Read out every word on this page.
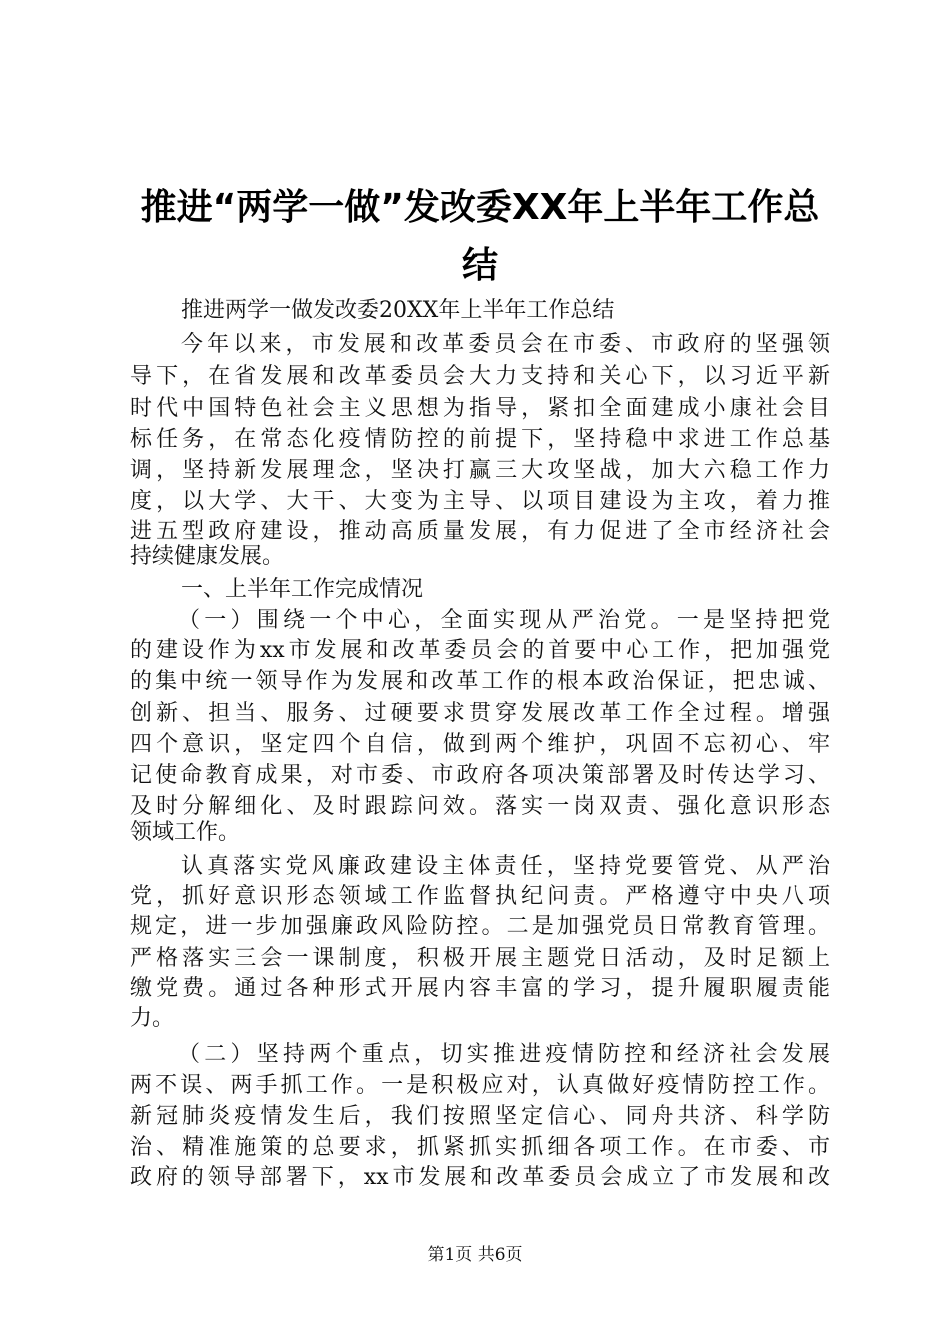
推进“两学一做”发改委XX年上半年工作总
结
推进两学一做发改委20XX年上半年工作总结
今年以来，市发展和改革委员会在市委、市政府的坚强领
导下，在省发展和改革委员会大力支持和关心下，以习近平新
时代中国特色社会主义思想为指导，紧扣全面建成小康社会目
标任务，在常态化疫情防控的前提下，坚持稳中求进工作总基
调，坚持新发展理念，坚决打赢三大攻坚战，加大六稳工作力
度，以大学、大干、大变为主导、以项目建设为主攻，着力推
进五型政府建设，推动高质量发展，有力促进了全市经济社会
持续健康发展。
一、上半年工作完成情况
（一）围绕一个中心，全面实现从严治党。一是坚持把党
的建设作为xx市发展和改革委员会的首要中心工作，把加强党
的集中统一领导作为发展和改革工作的根本政治保证，把忠诚、
创新、担当、服务、过硬要求贯穿发展改革工作全过程。增强
四个意识，坚定四个自信，做到两个维护，巩固不忘初心、牢
记使命教育成果，对市委、市政府各项决策部署及时传达学习、
及时分解细化、及时跟踪问效。落实一岗双责、强化意识形态
领域工作。
认真落实党风廉政建设主体责任，坚持党要管党、从严治
党，抓好意识形态领域工作监督执纪问责。严格遵守中央八项
规定，进一步加强廉政风险防控。二是加强党员日常教育管理。
严格落实三会一课制度，积极开展主题党日活动，及时足额上
缴党费。通过各种形式开展内容丰富的学习，提升履职履责能
力。
（二）坚持两个重点，切实推进疫情防控和经济社会发展
两不误、两手抓工作。一是积极应对，认真做好疫情防控工作。
新冠肺炎疫情发生后，我们按照坚定信心、同舟共济、科学防
治、精准施策的总要求，抓紧抓实抓细各项工作。在市委、市
政府的领导部署下，xx市发展和改革委员会成立了市发展和改
第1页 共6页
